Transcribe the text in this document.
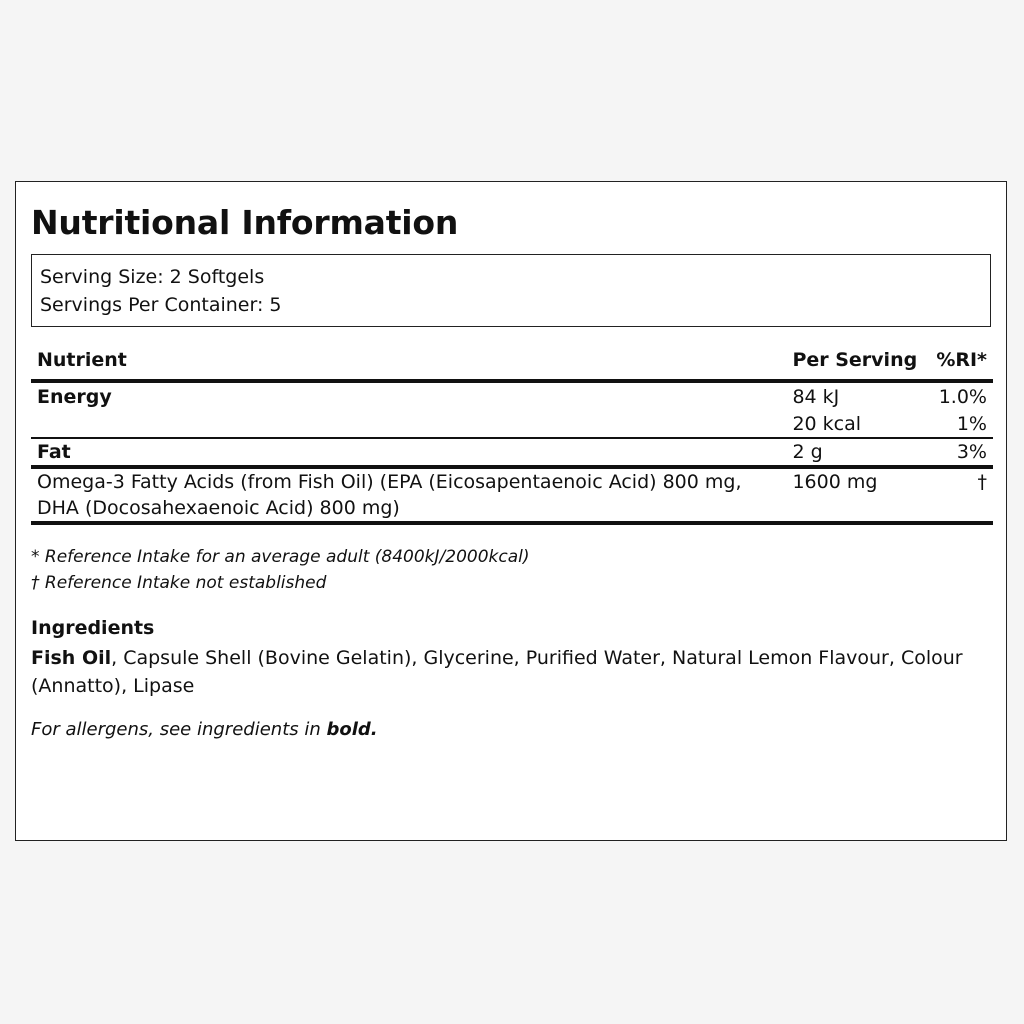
Nutritional Information
Serving Size: 2 Softgels
Servings Per Container: 5
Nutrient	Per Serving	%RI*
Energy	84 kJ	1.0%
	20 kcal	1%
Fat	2 g	3%
Omega-3 Fatty Acids (from Fish Oil) (EPA (Eicosapentaenoic Acid) 800 mg, DHA (Docosahexaenoic Acid) 800 mg)	1600 mg	†
* Reference Intake for an average adult (8400kJ/2000kcal)
† Reference Intake not established
Ingredients
Fish Oil, Capsule Shell (Bovine Gelatin), Glycerine, Purified Water, Natural Lemon Flavour, Colour (Annatto), Lipase
For allergens, see ingredients in bold.
